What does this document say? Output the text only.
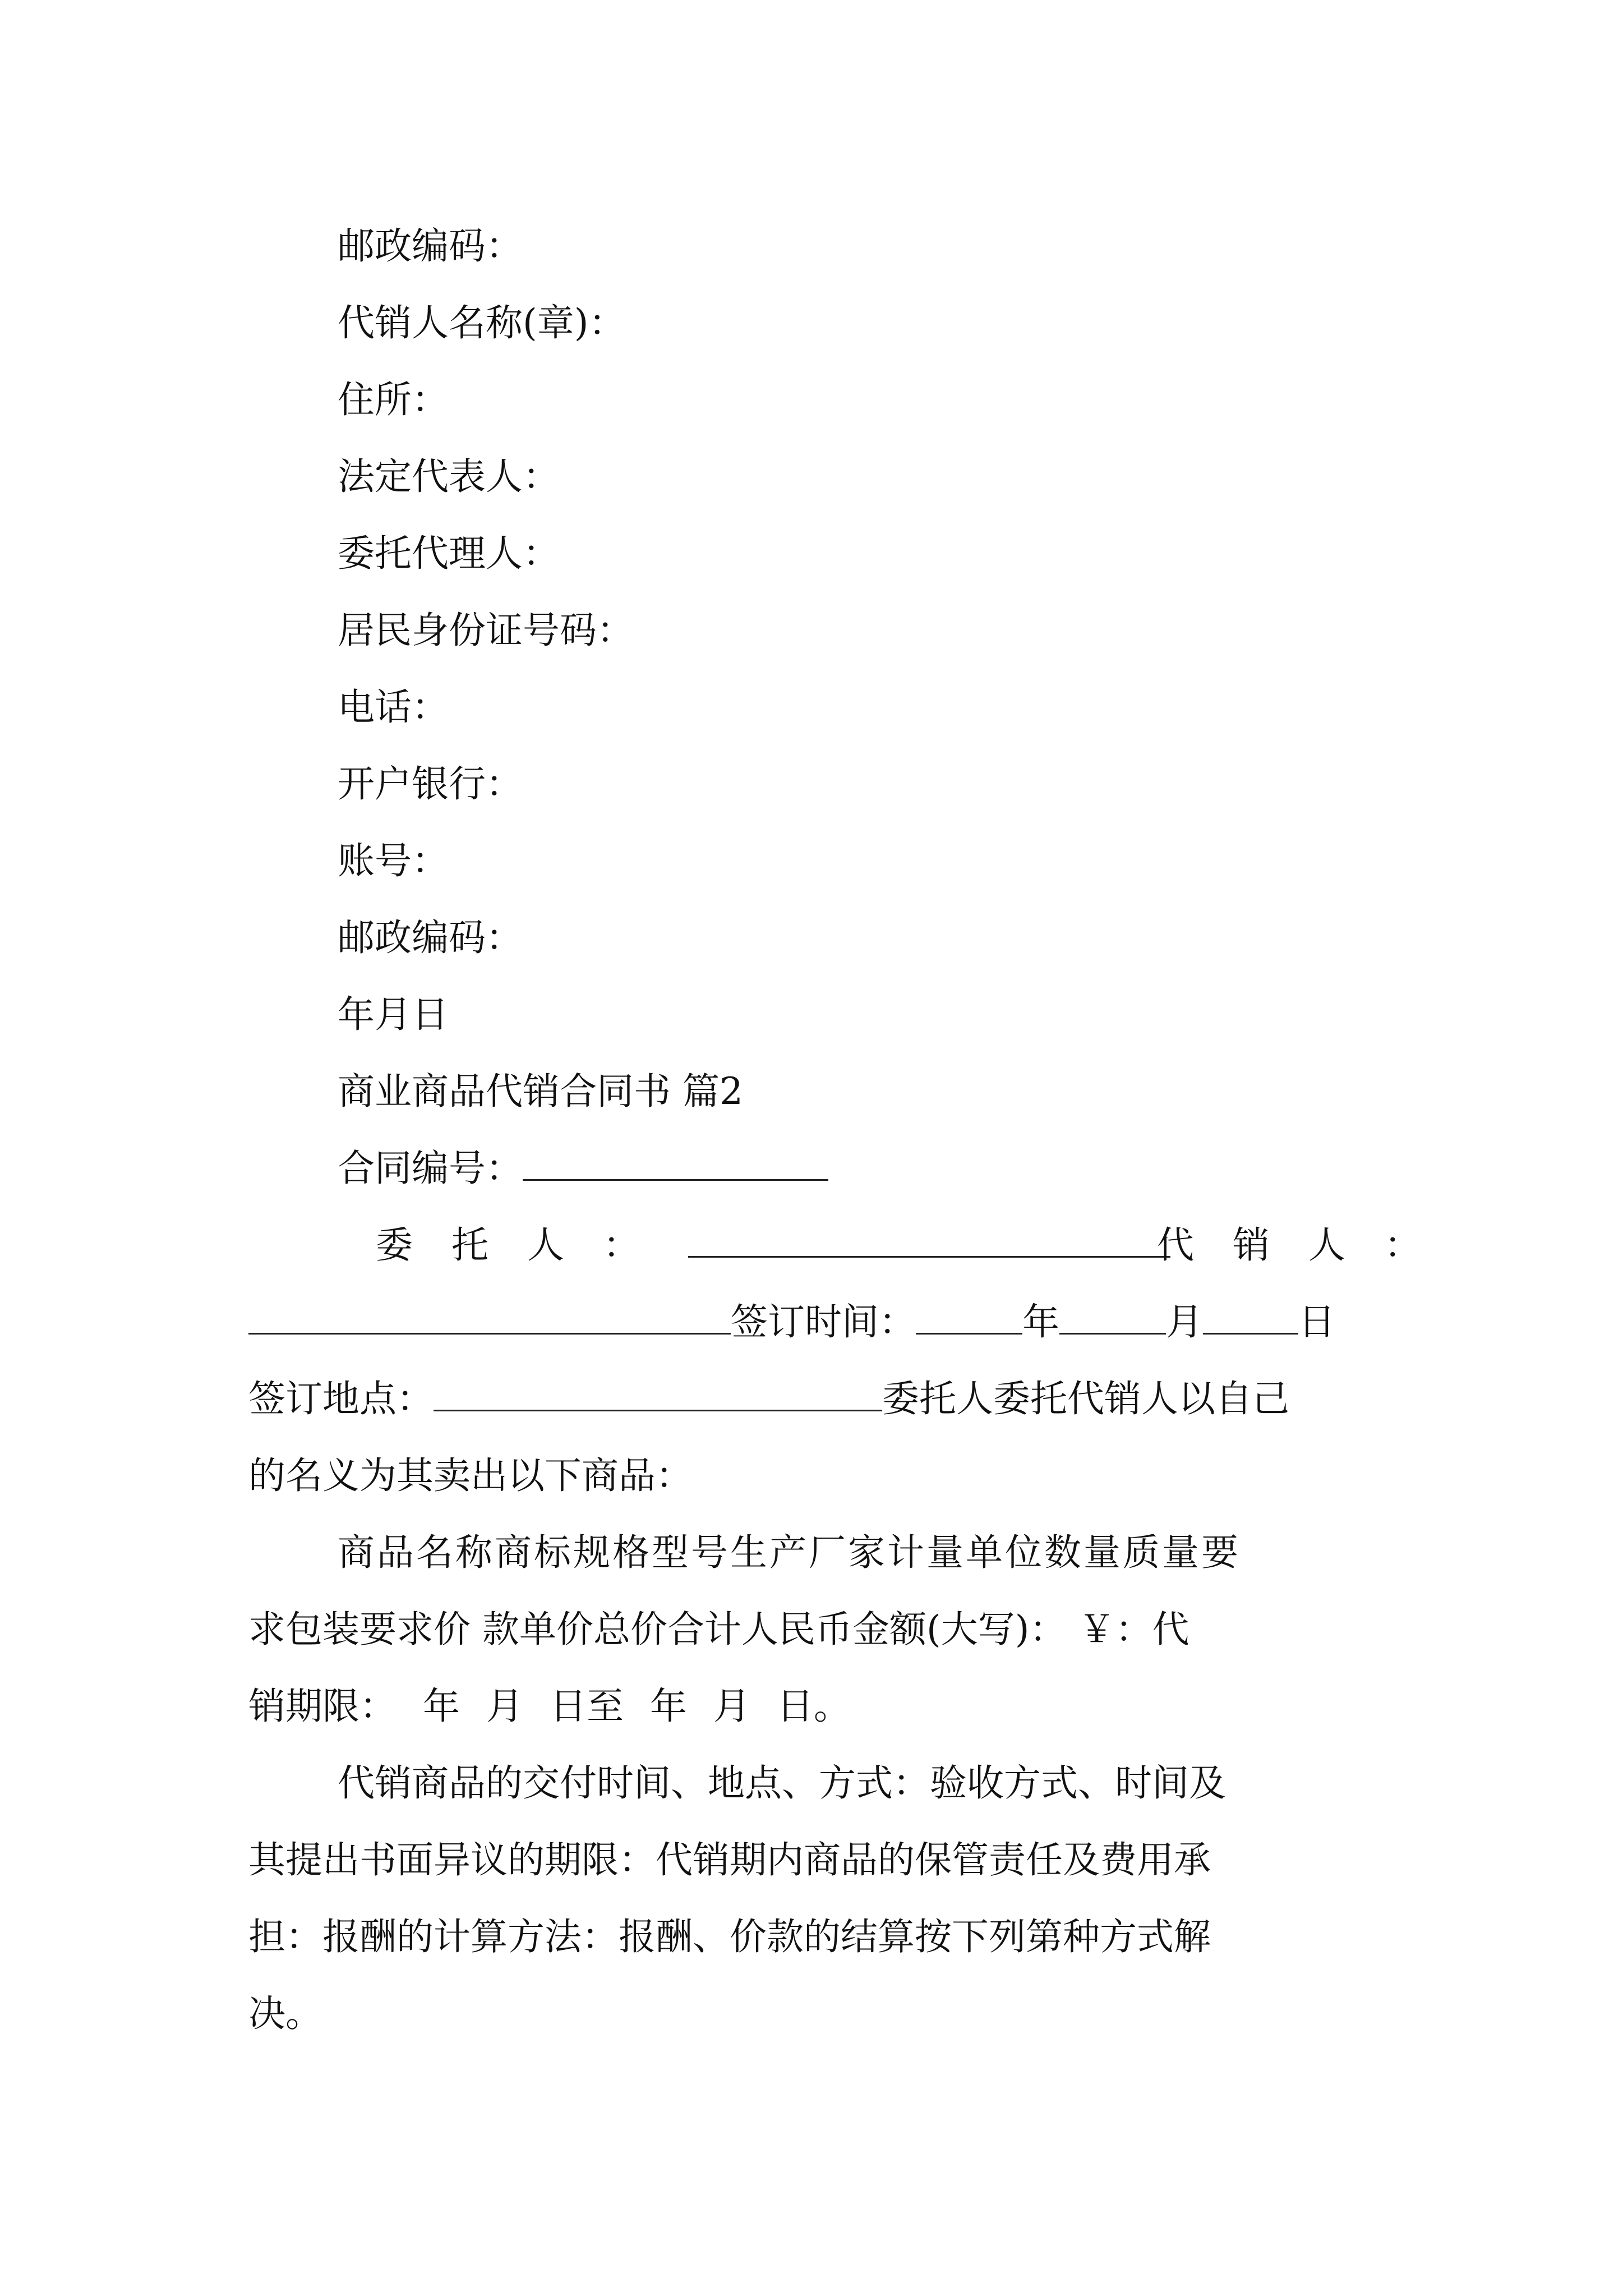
邮政编码：
代销人名称(章)：
住所：
法定代表人：
委托代理人：
居民身份证号码：
电话：
开户银行：
账号：
邮政编码：
年月日
商业商品代销合同书 篇2
合同编号：
委 托 人 ：	代 销 人 ：
签订时间：	年	月	日
签订地点：	委托人委托代销人以自己
的名义为其卖出以下商品：
商品名称商标规格型号生产厂家计量单位数量质量要
求包装要求价 款单价总价合计人民币金额(大写)： ￥：代
销期限： 年 月 日至 年 月 日。
代销商品的交付时间、地点、方式：验收方式、时间及
其提出书面异议的期限：代销期内商品的保管责任及费用承
担：报酬的计算方法：报酬、价款的结算按下列第种方式解
决。
